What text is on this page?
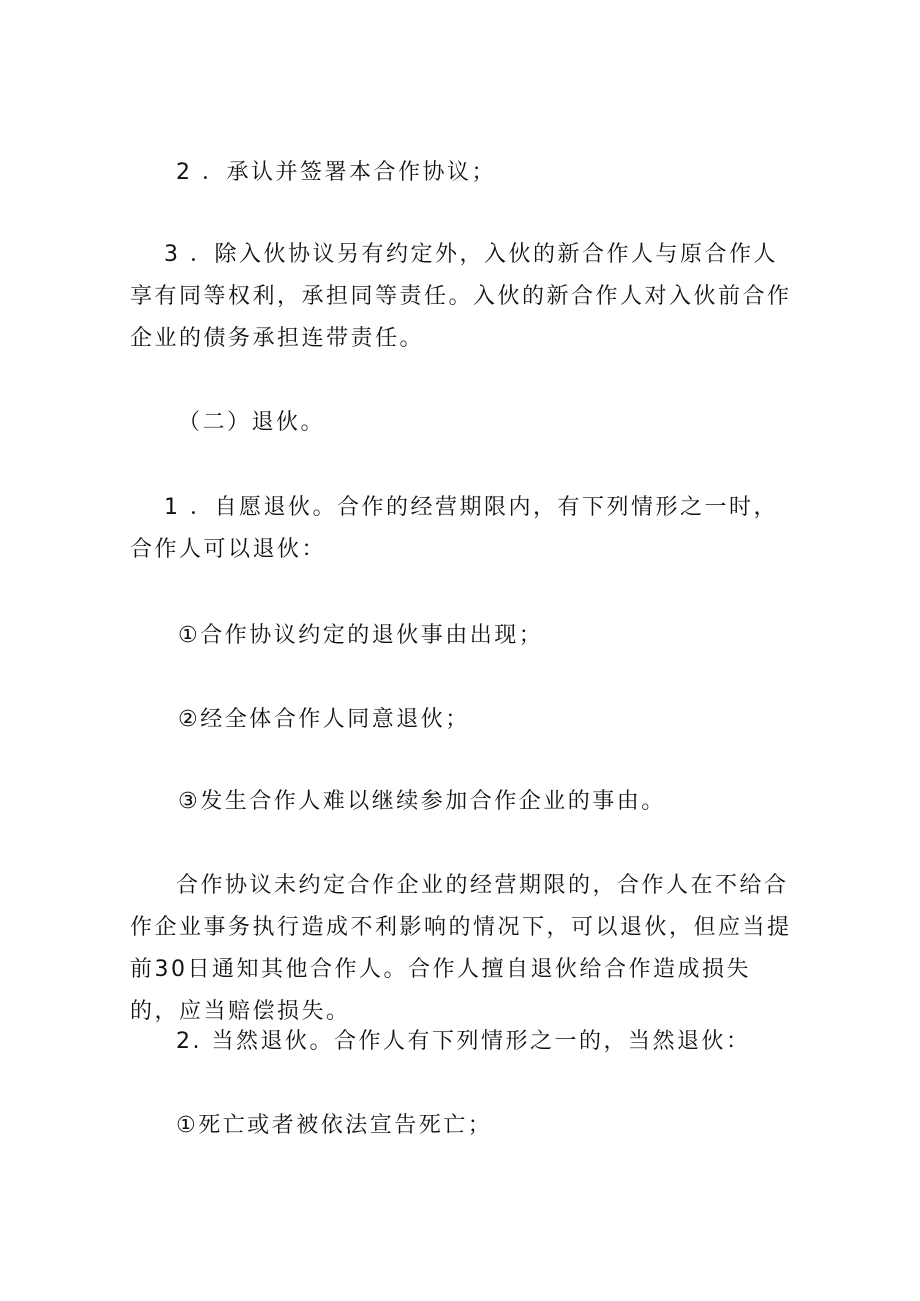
2 ．承认并签署本合作协议；

3 ．除入伙协议另有约定外，入伙的新合作人与原合作人享有同等权利，承担同等责任。入伙的新合作人对入伙前合作企业的债务承担连带责任。

（二）退伙。

1 ．自愿退伙。合作的经营期限内，有下列情形之一时，合作人可以退伙：

①合作协议约定的退伙事由出现；

②经全体合作人同意退伙；

③发生合作人难以继续参加合作企业的事由。

合作协议未约定合作企业的经营期限的，合作人在不给合作企业事务执行造成不利影响的情况下，可以退伙，但应当提前30日通知其他合作人。合作人擅自退伙给合作造成损失的，应当赔偿损失。

2. 当然退伙。合作人有下列情形之一的，当然退伙：

①死亡或者被依法宣告死亡；
